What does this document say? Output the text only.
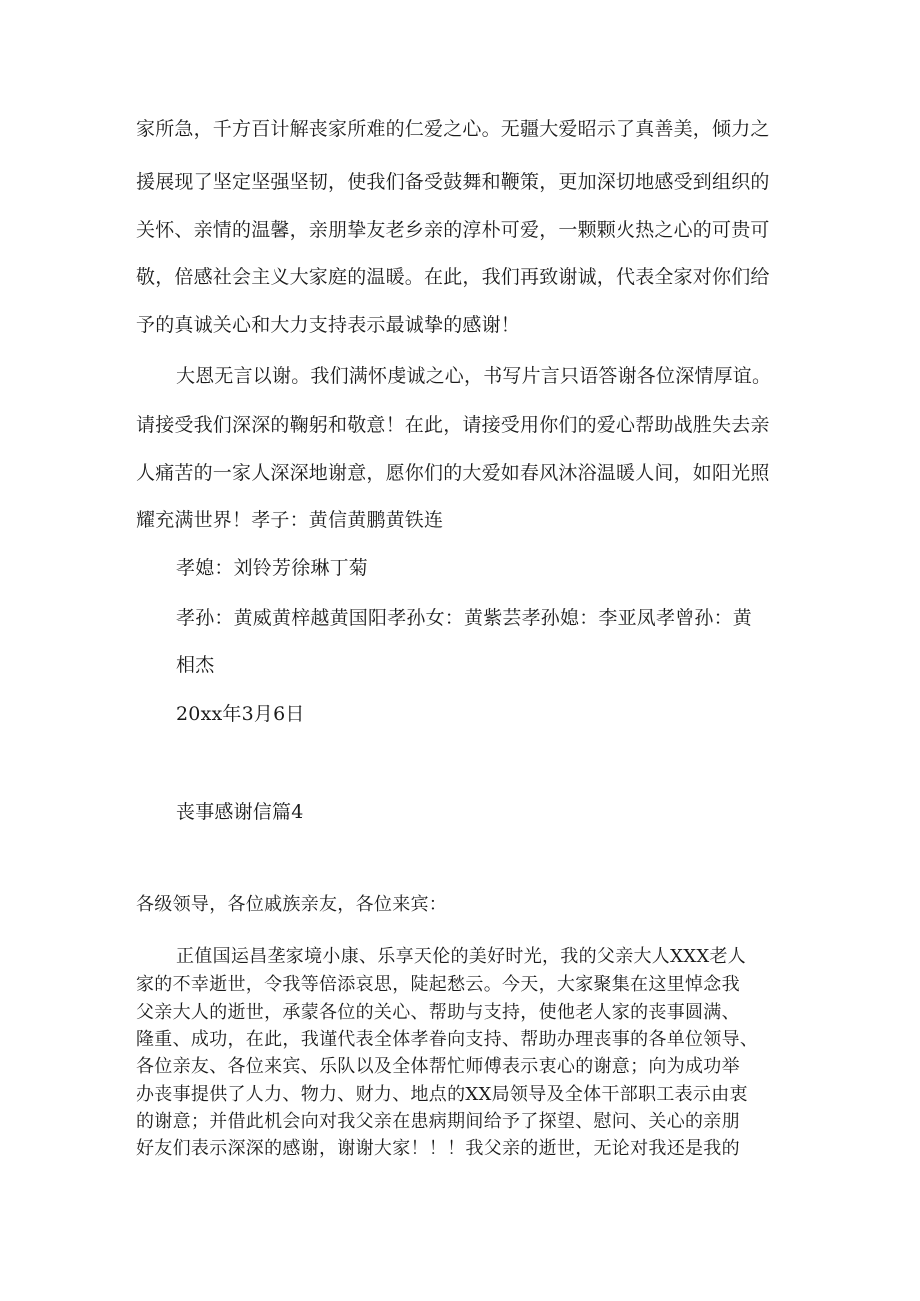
家所急，千方百计解丧家所难的仁爱之心。无疆大爱昭示了真善美，倾力之
援展现了坚定坚强坚韧，使我们备受鼓舞和鞭策，更加深切地感受到组织的
关怀、亲情的温馨，亲朋挚友老乡亲的淳朴可爱，一颗颗火热之心的可贵可
敬，倍感社会主义大家庭的温暖。在此，我们再致谢诚，代表全家对你们给
予的真诚关心和大力支持表示最诚挚的感谢！
大恩无言以谢。我们满怀虔诚之心，书写片言只语答谢各位深情厚谊。
请接受我们深深的鞠躬和敬意！在此，请接受用你们的爱心帮助战胜失去亲
人痛苦的一家人深深地谢意，愿你们的大爱如春风沐浴温暖人间，如阳光照
耀充满世界！孝子：黄信黄鹏黄铁连
孝媳：刘铃芳徐琳丁菊
孝孙：黄威黄梓越黄国阳孝孙女：黄紫芸孝孙媳：李亚凤孝曾孙：黄
相杰
20xx年3月6日
丧事感谢信篇4
各级领导，各位戚族亲友，各位来宾：
正值国运昌垄家境小康、乐享天伦的美好时光，我的父亲大人XXX老人
家的不幸逝世，令我等倍添哀思，陡起愁云。今天，大家聚集在这里悼念我
父亲大人的逝世，承蒙各位的关心、帮助与支持，使他老人家的丧事圆满、
隆重、成功，在此，我谨代表全体孝眷向支持、帮助办理丧事的各单位领导、
各位亲友、各位来宾、乐队以及全体帮忙师傅表示衷心的谢意；向为成功举
办丧事提供了人力、物力、财力、地点的XX局领导及全体干部职工表示由衷
的谢意；并借此机会向对我父亲在患病期间给予了探望、慰问、关心的亲朋
好友们表示深深的感谢，谢谢大家！！！我父亲的逝世，无论对我还是我的
